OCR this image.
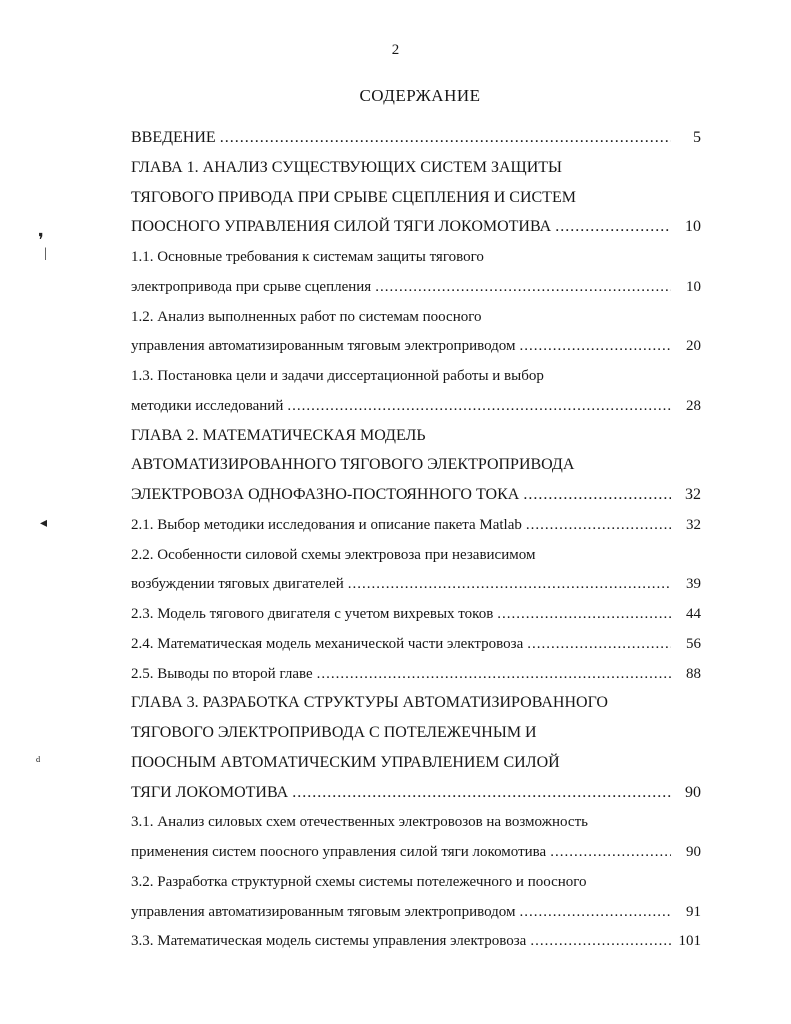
2
СОДЕРЖАНИЕ
ВВЕДЕНИЕ .....	5
ГЛАВА 1. АНАЛИЗ СУЩЕСТВУЮЩИХ СИСТЕМ ЗАЩИТЫ
ТЯГОВОГО ПРИВОДА ПРИ СРЫВЕ СЦЕПЛЕНИЯ И СИСТЕМ
ПООСНОГО УПРАВЛЕНИЯ СИЛОЙ ТЯГИ ЛОКОМОТИВА .....	10
1.1. Основные требования к системам защиты тягового
электропривода при срыве сцепления .....	10
1.2. Анализ выполненных работ по системам поосного
управления автоматизированным тяговым электроприводом .....	20
1.3. Постановка цели и задачи диссертационной работы и выбор
методики исследований .....	28
ГЛАВА 2. МАТЕМАТИЧЕСКАЯ МОДЕЛЬ
АВТОМАТИЗИРОВАННОГО ТЯГОВОГО ЭЛЕКТРОПРИВОДА
ЭЛЕКТРОВОЗА ОДНОФАЗНО-ПОСТОЯННОГО ТОКА .....	32
2.1. Выбор методики исследования и описание пакета Matlab .....	32
2.2. Особенности силовой схемы электровоза при независимом
возбуждении тяговых двигателей .....	39
2.3. Модель тягового двигателя с учетом вихревых токов .....	44
2.4. Математическая модель механической части электровоза .....	56
2.5. Выводы по второй главе .....	88
ГЛАВА 3. РАЗРАБОТКА СТРУКТУРЫ АВТОМАТИЗИРОВАННОГО
ТЯГОВОГО ЭЛЕКТРОПРИВОДА С ПОТЕЛЕЖЕЧНЫМ И
ПООСНЫМ АВТОМАТИЧЕСКИМ УПРАВЛЕНИЕМ СИЛОЙ
ТЯГИ ЛОКОМОТИВА .....	90
3.1. Анализ силовых схем отечественных электровозов на возможность
применения систем поосного управления силой тяги локомотива .....	90
3.2. Разработка структурной схемы системы потележечного и поосного
управления автоматизированным тяговым электроприводом .....	91
3.3. Математическая модель системы управления электровоза .....	101
❜
|
◂
ᵈ
